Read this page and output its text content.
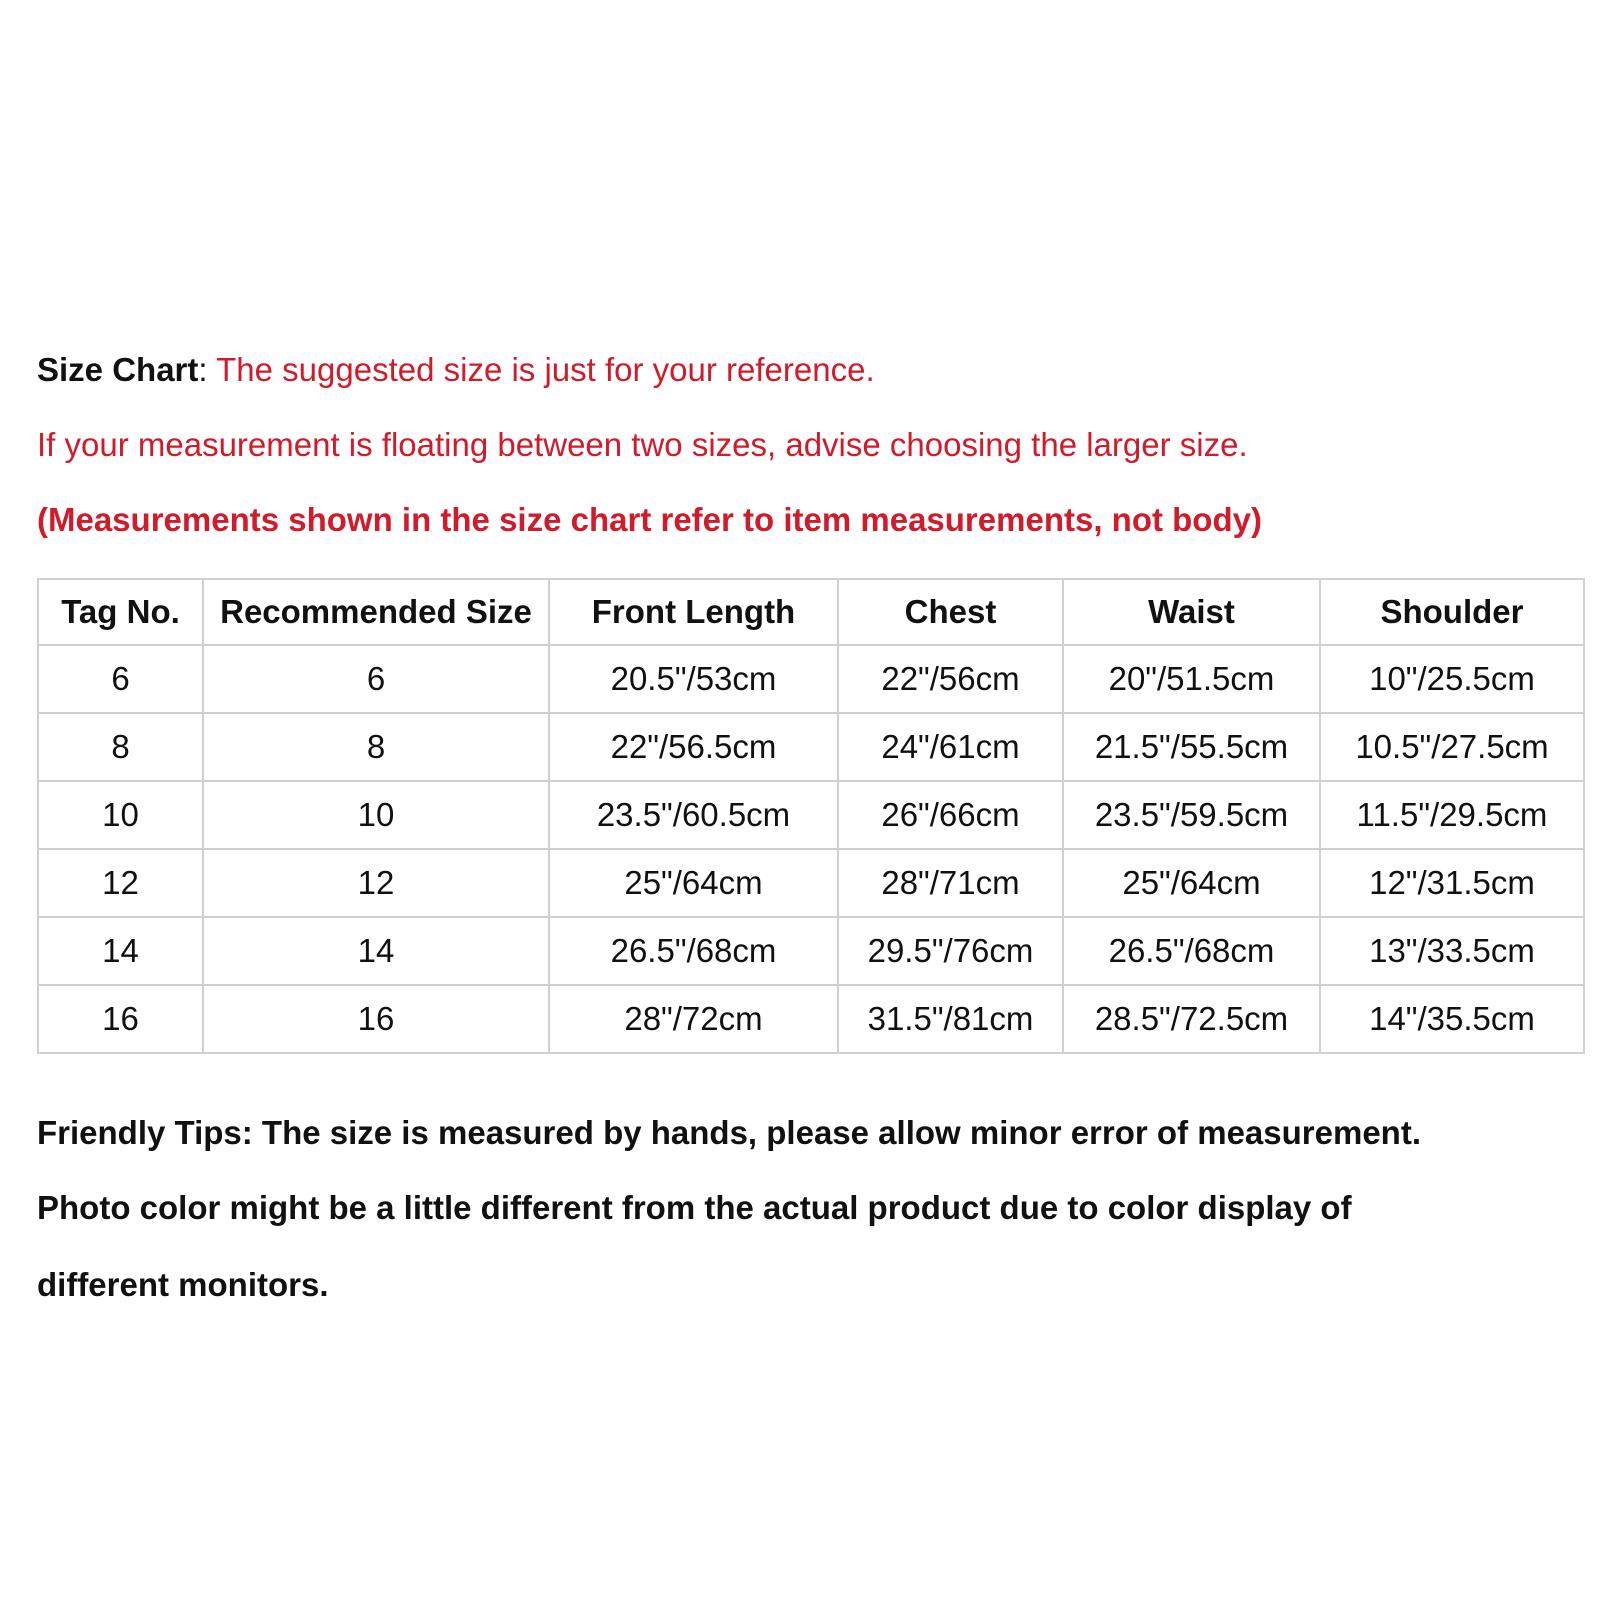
Size Chart: The suggested size is just for your reference.
If your measurement is floating between two sizes, advise choosing the larger size.
(Measurements shown in the size chart refer to item measurements, not body)
Tag No.	Recommended Size	Front Length	Chest	Waist	Shoulder
6	6	20.5"/53cm	22"/56cm	20"/51.5cm	10"/25.5cm
8	8	22"/56.5cm	24"/61cm	21.5"/55.5cm	10.5"/27.5cm
10	10	23.5"/60.5cm	26"/66cm	23.5"/59.5cm	11.5"/29.5cm
12	12	25"/64cm	28"/71cm	25"/64cm	12"/31.5cm
14	14	26.5"/68cm	29.5"/76cm	26.5"/68cm	13"/33.5cm
16	16	28"/72cm	31.5"/81cm	28.5"/72.5cm	14"/35.5cm
Friendly Tips: The size is measured by hands, please allow minor error of measurement.
Photo color might be a little different from the actual product due to color display of
different monitors.
